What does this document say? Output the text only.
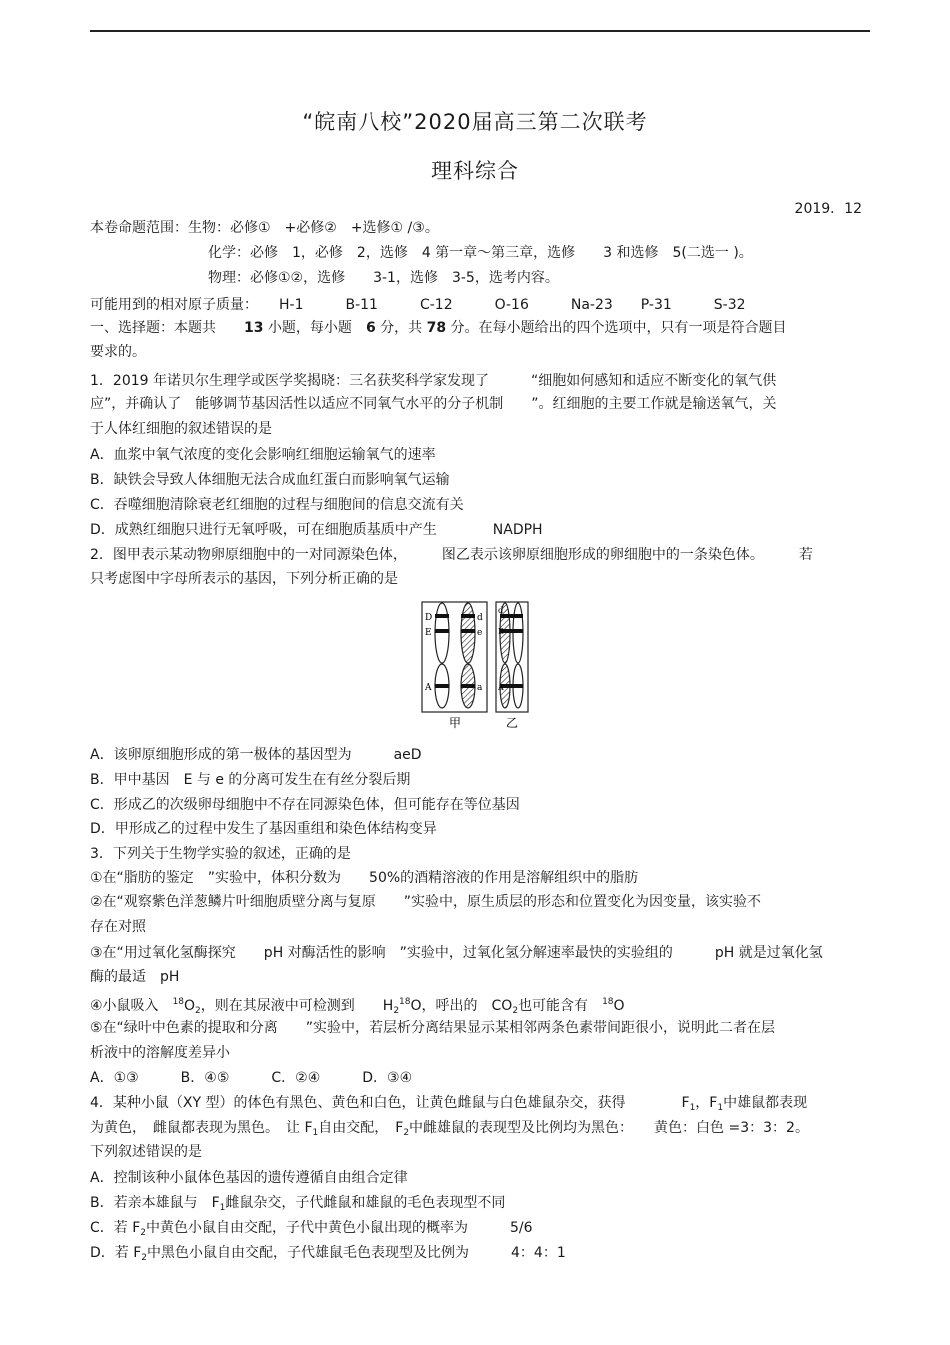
“皖南八校”2020届高三第二次联考
理科综合
2019．12
本卷命题范围：生物：必修①　+必修②　+选修① /③。
化学：必修　1，必修　2，选修　4 第一章～第三章，选修　　3 和选修　5(二选一 )。
物理：必修①②，选修　　3-1，选修　3-5，选考内容。
可能用到的相对原子质量：　　H-1　　　B-11　　　C-12　　　O-16　　　Na-23　　P-31　　　S-32
一、选择题：本题共　　 13 小题，每小题　 6 分，共 78 分。在每小题给出的四个选项中，只有一项是符合题目
要求的。
1．2019 年诺贝尔生理学或医学奖揭晓：三名获奖科学家发现了　　　“细胞如何感知和适应不断变化的氧气供
应”，并确认了　能够调节基因活性以适应不同氧气水平的分子机制　　”。红细胞的主要工作就是输送氧气，关
于人体红细胞的叙述错误的是
A．血浆中氧气浓度的变化会影响红细胞运输氧气的速率
B．缺铁会导致人体细胞无法合成血红蛋白而影响氧气运输
C．吞噬细胞清除衰老红细胞的过程与细胞间的信息交流有关
D．成熟红细胞只进行无氧呼吸，可在细胞质基质中产生　　　　NADPH
2．图甲表示某动物卵原细胞中的一对同源染色体，　　　图乙表示该卵原细胞形成的卵细胞中的一条染色体。　　　若
只考虑图中字母所表示的基因，下列分析正确的是
D
E
A
d
e
a
d
E
A
甲	乙
A．该卵原细胞形成的第一极体的基因型为　　　aeD
B．甲中基因　E 与 e 的分离可发生在有丝分裂后期
C．形成乙的次级卵母细胞中不存在同源染色体，但可能存在等位基因
D．甲形成乙的过程中发生了基因重组和染色体结构变异
3．下列关于生物学实验的叙述，正确的是
①在“脂肪的鉴定　”实验中，体积分数为　　50%的酒精溶液的作用是溶解组织中的脂肪
②在“观察紫色洋葱鳞片叶细胞质壁分离与复原　　”实验中，原生质层的形态和位置变化为因变量，该实验不
存在对照
③在“用过氧化氢酶探究　　pH 对酶活性的影响　”实验中，过氧化氢分解速率最快的实验组的　　　pH 就是过氧化氢
酶的最适　pH
④小鼠吸入　$^{18}O_2$，则在其尿液中可检测到　　$H_2^{18}O$，呼出的　$CO_2$也可能含有　$^{18}$O
⑤在“绿叶中色素的提取和分离　　”实验中，若层析分离结果显示某相邻两条色素带间距很小，说明此二者在层
析液中的溶解度差异小
A．①③　　　B．④⑤　　　C．②④　　　D．③④
4．某种小鼠（XY 型）的体色有黑色、黄色和白色，让黄色雌鼠与白色雄鼠杂交，获得　　　　$F_1$，$F_1$中雄鼠都表现
为黄色，　雌鼠都表现为黑色。　让 $F_1$自由交配，　$F_2$中雌雄鼠的表现型及比例均为黑色：　　黄色：白色 =3：3：2。
下列叙述错误的是
A．控制该种小鼠体色基因的遗传遵循自由组合定律
B．若亲本雄鼠与　$F_1$雌鼠杂交，子代雌鼠和雄鼠的毛色表现型不同
C．若 $F_2$中黄色小鼠自由交配，子代中黄色小鼠出现的概率为　　　5/6
D．若 $F_2$中黑色小鼠自由交配，子代雄鼠毛色表现型及比例为　　　4：4：1
